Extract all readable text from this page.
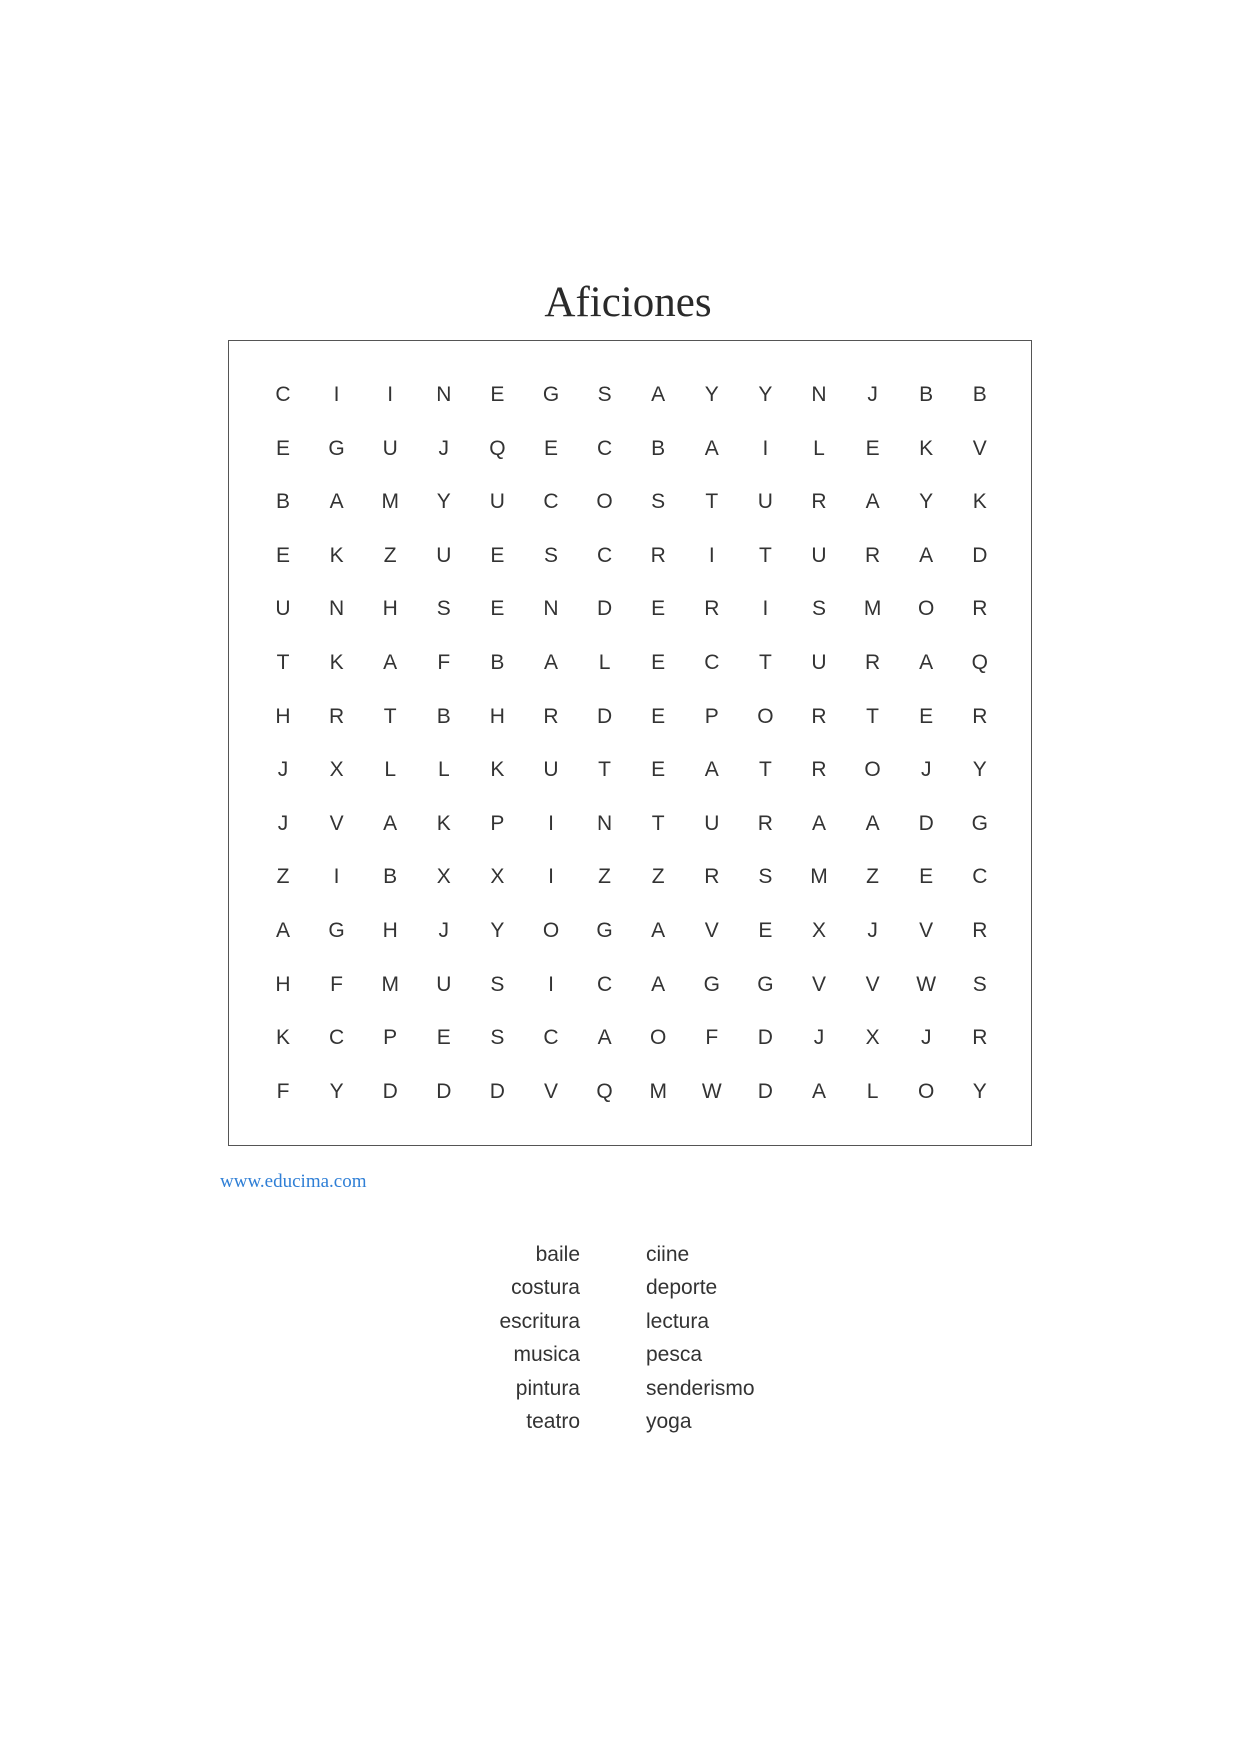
Aficiones
C	I	I	N	E	G	S	A	Y	Y	N	J	B	B
E	G	U	J	Q	E	C	B	A	I	L	E	K	V
B	A	M	Y	U	C	O	S	T	U	R	A	Y	K
E	K	Z	U	E	S	C	R	I	T	U	R	A	D
U	N	H	S	E	N	D	E	R	I	S	M	O	R
T	K	A	F	B	A	L	E	C	T	U	R	A	Q
H	R	T	B	H	R	D	E	P	O	R	T	E	R
J	X	L	L	K	U	T	E	A	T	R	O	J	Y
J	V	A	K	P	I	N	T	U	R	A	A	D	G
Z	I	B	X	X	I	Z	Z	R	S	M	Z	E	C
A	G	H	J	Y	O	G	A	V	E	X	J	V	R
H	F	M	U	S	I	C	A	G	G	V	V	W	S
K	C	P	E	S	C	A	O	F	D	J	X	J	R
F	Y	D	D	D	V	Q	M	W	D	A	L	O	Y
www.educima.com
baile
costura
escritura
musica
pintura
teatro
ciine
deporte
lectura
pesca
senderismo
yoga
